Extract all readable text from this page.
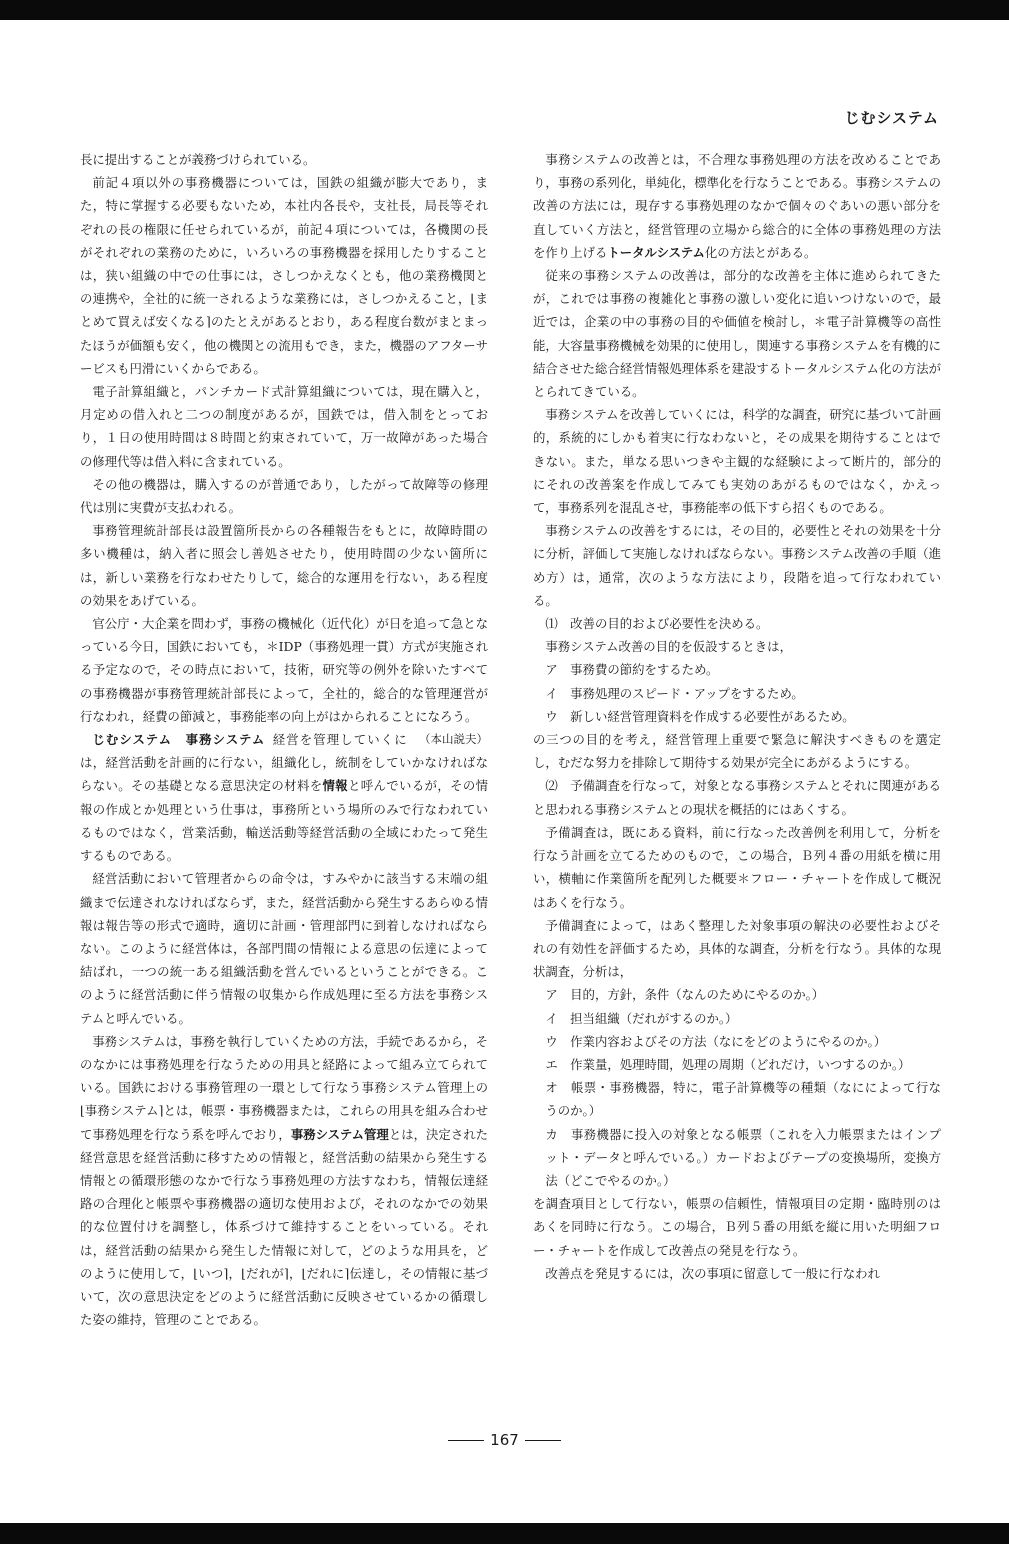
じむシステム

長に提出することが義務づけられている。

前記４項以外の事務機器については，国鉄の組織が膨大であり，また，特に掌握する必要もないため，本社内各長や，支社長，局長等それぞれの長の権限に任せられているが，前記４項については，各機関の長がそれぞれの業務のために，いろいろの事務機器を採用したりすることは，狭い組織の中での仕事には，さしつかえなくとも，他の業務機関との連携や，全社的に統一されるような業務には，さしつかえること，⌊まとめて買えば安くなる⌉のたとえがあるとおり，ある程度台数がまとまったほうが価額も安く，他の機関との流用もでき，また，機器のアフターサービスも円滑にいくからである。

電子計算組織と，パンチカード式計算組織については，現在購入と，月定めの借入れと二つの制度があるが，国鉄では，借入制をとっており，１日の使用時間は８時間と約束されていて，万一故障があった場合の修理代等は借入料に含まれている。

その他の機器は，購入するのが普通であり，したがって故障等の修理代は別に実費が支払われる。

事務管理統計部長は設置箇所長からの各種報告をもとに，故障時間の多い機種は，納入者に照会し善処させたり，使用時間の少ない箇所には，新しい業務を行なわせたりして，総合的な運用を行ない，ある程度の効果をあげている。

官公庁・大企業を問わず，事務の機械化（近代化）が日を追って急となっている今日，国鉄においても，＊IDP（事務処理一貫）方式が実施される予定なので，その時点において，技術，研究等の例外を除いたすべての事務機器が事務管理統計部長によって，全社的，総合的な管理運営が行なわれ，経費の節減と，事務能率の向上がはかられることになろう。
（本山説夫）

じむシステム　事務システム 経営を管理していくには，経営活動を計画的に行ない，組織化し，統制をしていかなければならない。その基礎となる意思決定の材料を情報と呼んでいるが，その情報の作成とか処理という仕事は，事務所という場所のみで行なわれているものではなく，営業活動，輸送活動等経営活動の全域にわたって発生するものである。

経営活動において管理者からの命令は，すみやかに該当する末端の組織まで伝達されなければならず，また，経営活動から発生するあらゆる情報は報告等の形式で適時，適切に計画・管理部門に到着しなければならない。このように経営体は，各部門間の情報による意思の伝達によって結ばれ，一つの統一ある組織活動を営んでいるということができる。このように経営活動に伴う情報の収集から作成処理に至る方法を事務システムと呼んでいる。

事務システムは，事務を執行していくための方法，手続であるから，そのなかには事務処理を行なうための用具と経路によって組み立てられている。国鉄における事務管理の一環として行なう事務システム管理上の⌊事務システム⌉とは，帳票・事務機器または，これらの用具を組み合わせて事務処理を行なう系を呼んでおり，事務システム管理とは，決定された経営意思を経営活動に移すための情報と，経営活動の結果から発生する情報との循環形態のなかで行なう事務処理の方法すなわち，情報伝達経路の合理化と帳票や事務機器の適切な使用および，それのなかでの効果的な位置付けを調整し，体系づけて維持することをいっている。それは，経営活動の結果から発生した情報に対して，どのような用具を，どのように使用して，⌊いつ⌉，⌊だれが⌉，⌊だれに⌉伝達し，その情報に基づいて，次の意思決定をどのように経営活動に反映させているかの循環した姿の維持，管理のことである。

事務システムの改善とは，不合理な事務処理の方法を改めることであり，事務の系列化，単純化，標準化を行なうことである。事務システムの改善の方法には，現存する事務処理のなかで個々のぐあいの悪い部分を直していく方法と，経営管理の立場から総合的に全体の事務処理の方法を作り上げるトータルシステム化の方法とがある。

従来の事務システムの改善は，部分的な改善を主体に進められてきたが，これでは事務の複雑化と事務の激しい変化に追いつけないので，最近では，企業の中の事務の目的や価値を検討し，＊電子計算機等の高性能，大容量事務機械を効果的に使用し，関連する事務システムを有機的に結合させた総合経営情報処理体系を建設するトータルシステム化の方法がとられてきている。

事務システムを改善していくには，科学的な調査，研究に基づいて計画的，系統的にしかも着実に行なわないと，その成果を期待することはできない。また，単なる思いつきや主観的な経験によって断片的，部分的にそれの改善案を作成してみても実効のあがるものではなく，かえって，事務系列を混乱させ，事務能率の低下すら招くものである。

事務システムの改善をするには，その目的，必要性とそれの効果を十分に分析，評価して実施しなければならない。事務システム改善の手順（進め方）は，通常，次のような方法により，段階を追って行なわれている。

⑴　改善の目的および必要性を決める。

事務システム改善の目的を仮設するときは，

ア　事務費の節約をするため。

イ　事務処理のスピード・アップをするため。

ウ　新しい経営管理資料を作成する必要性があるため。

の三つの目的を考え，経営管理上重要で緊急に解決すべきものを選定し，むだな努力を排除して期待する効果が完全にあがるようにする。

⑵　予備調査を行なって，対象となる事務システムとそれに関連があると思われる事務システムとの現状を概括的にはあくする。

予備調査は，既にある資料，前に行なった改善例を利用して，分析を行なう計画を立てるためのもので，この場合，Ｂ列４番の用紙を横に用い，横軸に作業箇所を配列した概要＊フロー・チャートを作成して概況はあくを行なう。

予備調査によって，はあく整理した対象事項の解決の必要性およびそれの有効性を評価するため，具体的な調査，分析を行なう。具体的な現状調査，分析は，

ア　目的，方針，条件（なんのためにやるのか。）

イ　担当組織（だれがするのか。）

ウ　作業内容およびその方法（なにをどのようにやるのか。）

エ　作業量，処理時間，処理の周期（どれだけ，いつするのか。）

オ　帳票・事務機器，特に，電子計算機等の種類（なにによって行なうのか。）

カ　事務機器に投入の対象となる帳票（これを入力帳票またはインプット・データと呼んでいる。）カードおよびテープの変換場所，変換方法（どこでやるのか。）

を調査項目として行ない，帳票の信頼性，情報項目の定期・臨時別のはあくを同時に行なう。この場合，Ｂ列５番の用紙を縦に用いた明細フロー・チャートを作成して改善点の発見を行なう。

改善点を発見するには，次の事項に留意して一般に行なわれ

167
